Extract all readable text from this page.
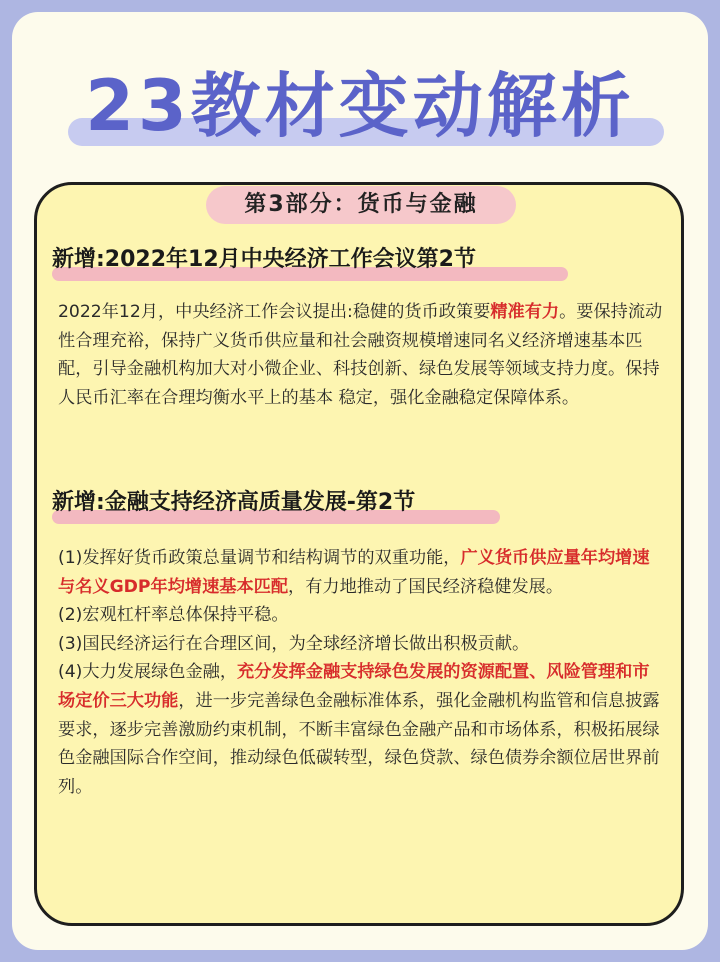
23教材变动解析
第3部分：货币与金融
新增:2022年12月中央经济工作会议第2节
2022年12月，中央经济工作会议提出:稳健的货币政策要精准有力。要保持流动性合理充裕，保持广义货币供应量和社会融资规模增速同名义经济增速基本匹配，引导金融机构加大对小微企业、科技创新、绿色发展等领域支持力度。保持人民币汇率在合理均衡水平上的基本 稳定，强化金融稳定保障体系。
新增:金融支持经济高质量发展-第2节
(1)发挥好货币政策总量调节和结构调节的双重功能，广义货币供应量年均增速与名义GDP年均增速基本匹配，有力地推动了国民经济稳健发展。
(2)宏观杠杆率总体保持平稳。
(3)国民经济运行在合理区间，为全球经济增长做出积极贡献。
(4)大力发展绿色金融，充分发挥金融支持绿色发展的资源配置、风险管理和市场定价三大功能，进一步完善绿色金融标准体系，强化金融机构监管和信息披露要求，逐步完善激励约束机制，不断丰富绿色金融产品和市场体系，积极拓展绿色金融国际合作空间，推动绿色低碳转型，绿色贷款、绿色债券余额位居世界前列。
